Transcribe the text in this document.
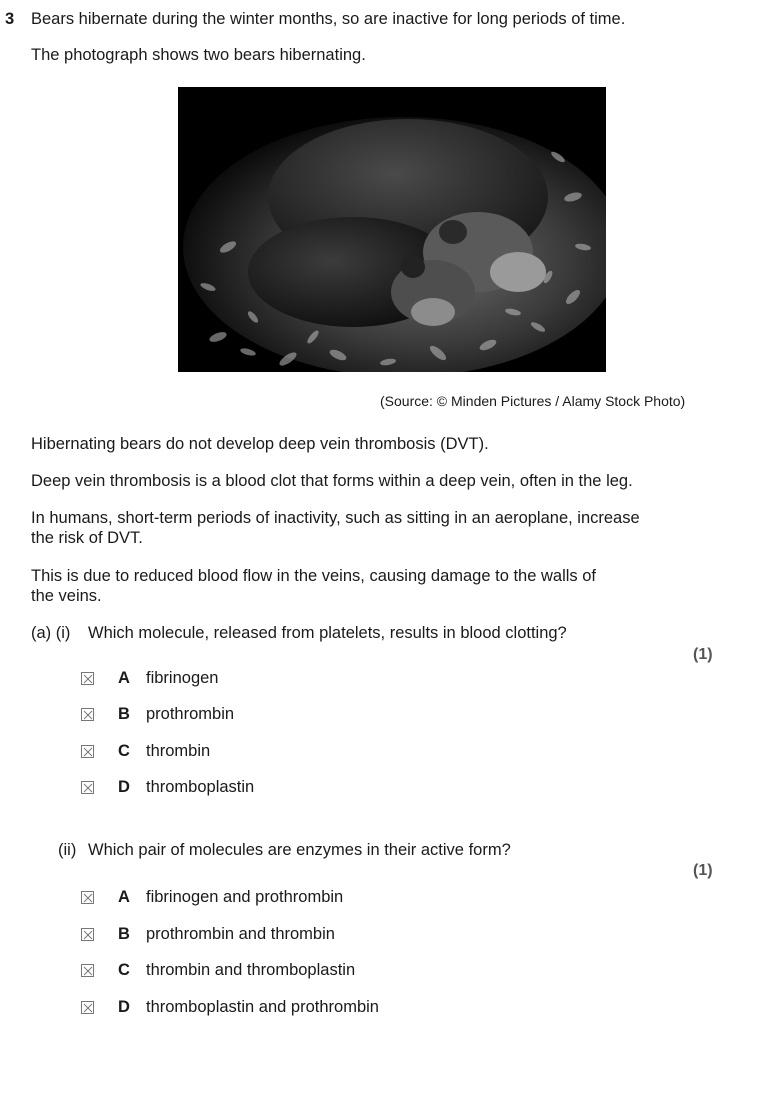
3 Bears hibernate during the winter months, so are inactive for long periods of time.
The photograph shows two bears hibernating.
(Source: © Minden Pictures / Alamy Stock Photo)
Hibernating bears do not develop deep vein thrombosis (DVT).
Deep vein thrombosis is a blood clot that forms within a deep vein, often in the leg.
In humans, short-term periods of inactivity, such as sitting in an aeroplane, increase
the risk of DVT.
This is due to reduced blood flow in the veins, causing damage to the walls of
the veins.
(a) (i) Which molecule, released from platelets, results in blood clotting?
(1)
A fibrinogen
B prothrombin
C thrombin
D thromboplastin
(ii) Which pair of molecules are enzymes in their active form?
(1)
A fibrinogen and prothrombin
B prothrombin and thrombin
C thrombin and thromboplastin
D thromboplastin and prothrombin
